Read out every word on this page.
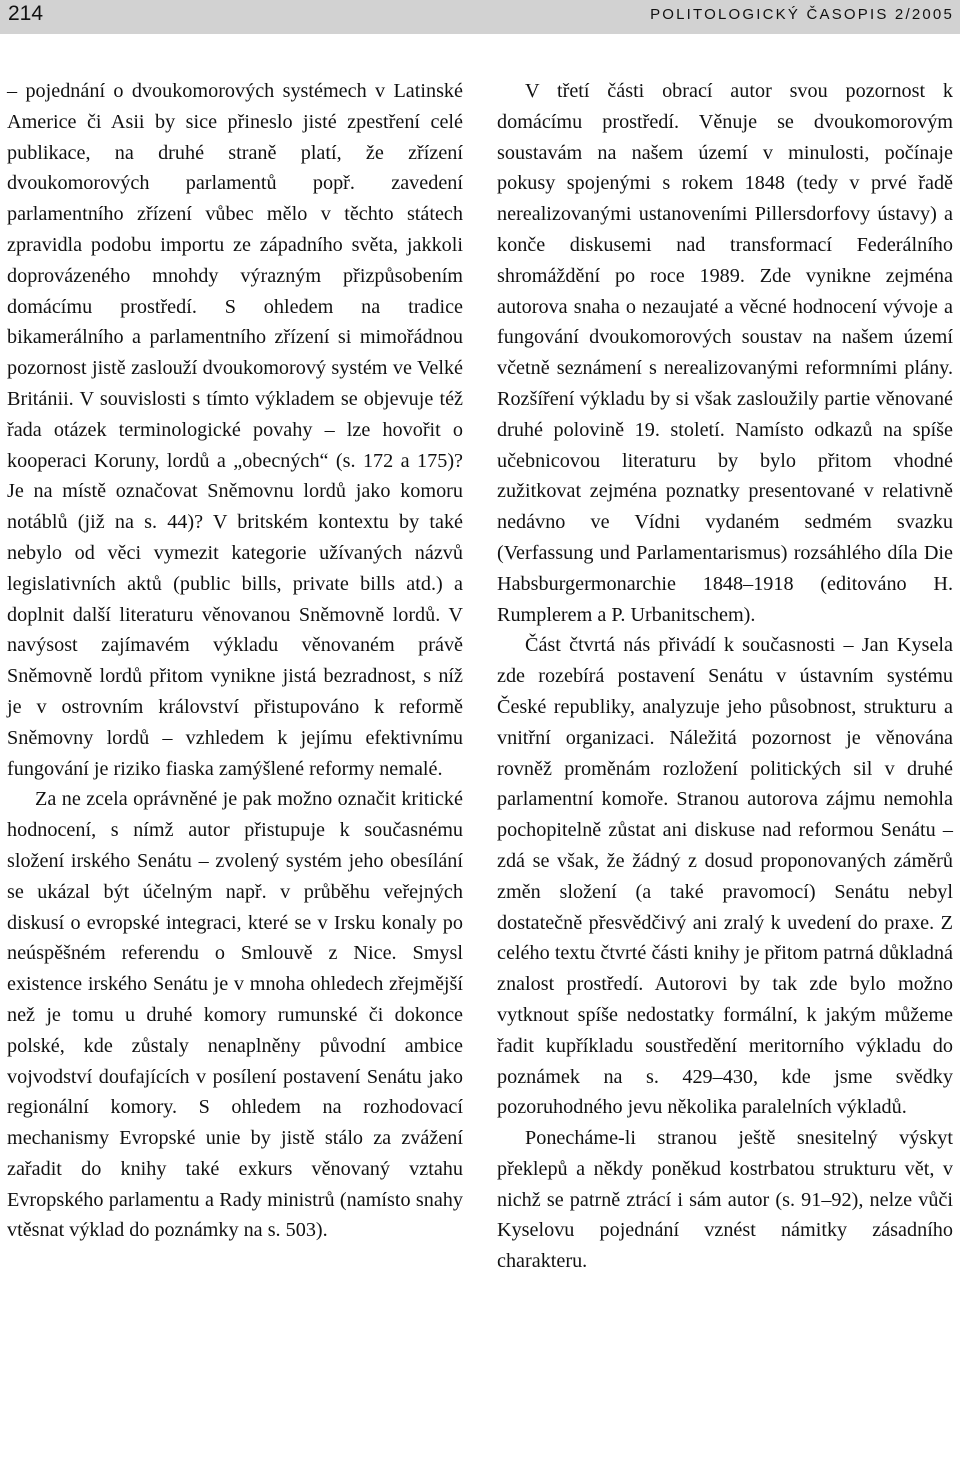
214	POLITOLOGICKÝ ČASOPIS 2/2005

– pojednání o dvoukomorových systémech v Latinské Americe či Asii by sice přineslo jisté zpestření celé publikace, na druhé straně platí, že zřízení dvoukomorových parlamentů popř. zavedení parlamentního zřízení vůbec mělo v těchto státech zpravidla podobu importu ze západního světa, jakkoli doprovázeného mnohdy výrazným přizpůsobením domácímu prostředí. S ohledem na tradice bikamerálního a parlamentního zřízení si mimořádnou pozornost jistě zaslouží dvoukomorový systém ve Velké Británii. V souvislosti s tímto výkladem se objevuje též řada otázek terminologické povahy – lze hovořit o kooperaci Koruny, lordů a „obecných“ (s. 172 a 175)? Je na místě označovat Sněmovnu lordů jako komoru notáblů (již na s. 44)? V britském kontextu by také nebylo od věci vymezit kategorie užívaných názvů legislativních aktů (public bills, private bills atd.) a doplnit další literaturu věnovanou Sněmovně lordů. V navýsost zajímavém výkladu věnovaném právě Sněmovně lordů přitom vynikne jistá bezradnost, s níž je v ostrovním království přistupováno k reformě Sněmovny lordů – vzhledem k jejímu efektivnímu fungování je riziko fiaska zamýšlené reformy nemalé.

Za ne zcela oprávněné je pak možno označit kritické hodnocení, s nímž autor přistupuje k současnému složení irského Senátu – zvolený systém jeho obesílání se ukázal být účelným např. v průběhu veřejných diskusí o evropské integraci, které se v Irsku konaly po neúspěšném referendu o Smlouvě z Nice. Smysl existence irského Senátu je v mnoha ohledech zřejmější než je tomu u druhé komory rumunské či dokonce polské, kde zůstaly nenaplněny původní ambice vojvodství doufajících v posílení postavení Senátu jako regionální komory. S ohledem na rozhodovací mechanismy Evropské unie by jistě stálo za zvážení zařadit do knihy také exkurs věnovaný vztahu Evropského parlamentu a Rady ministrů (namísto snahy vtěsnat výklad do poznámky na s. 503).

V třetí části obrací autor svou pozornost k domácímu prostředí. Věnuje se dvoukomorovým soustavám na našem území v minulosti, počínaje pokusy spojenými s rokem 1848 (tedy v prvé řadě nerealizovanými ustanoveními Pillersdorfovy ústavy) a konče diskusemi nad transformací Federálního shromáždění po roce 1989. Zde vynikne zejména autorova snaha o nezaujaté a věcné hodnocení vývoje a fungování dvoukomorových soustav na našem území včetně seznámení s nerealizovanými reformními plány. Rozšíření výkladu by si však zasloužily partie věnované druhé polovině 19. století. Namísto odkazů na spíše učebnicovou literaturu by bylo přitom vhodné zužitkovat zejména poznatky presentované v relativně nedávno ve Vídni vydaném sedmém svazku (Verfassung und Parlamentarismus) rozsáhlého díla Die Habsburgermonarchie 1848–1918 (editováno H. Rumplerem a P. Urbanitschem).

Část čtvrtá nás přivádí k současnosti – Jan Kysela zde rozebírá postavení Senátu v ústavním systému České republiky, analyzuje jeho působnost, strukturu a vnitřní organizaci. Náležitá pozornost je věnována rovněž proměnám rozložení politických sil v druhé parlamentní komoře. Stranou autorova zájmu nemohla pochopitelně zůstat ani diskuse nad reformou Senátu – zdá se však, že žádný z dosud proponovaných záměrů změn složení (a také pravomocí) Senátu nebyl dostatečně přesvědčivý ani zralý k uvedení do praxe. Z celého textu čtvrté části knihy je přitom patrná důkladná znalost prostředí. Autorovi by tak zde bylo možno vytknout spíše nedostatky formální, k jakým můžeme řadit kupříkladu soustředění meritorního výkladu do poznámek na s. 429–430, kde jsme svědky pozoruhodného jevu několika paralelních výkladů.

Ponecháme-li stranou ještě snesitelný výskyt překlepů a někdy poněkud kostrbatou strukturu vět, v nichž se patrně ztrácí i sám autor (s. 91–92), nelze vůči Kyselovu pojednání vznést námitky zásadního charakteru.
